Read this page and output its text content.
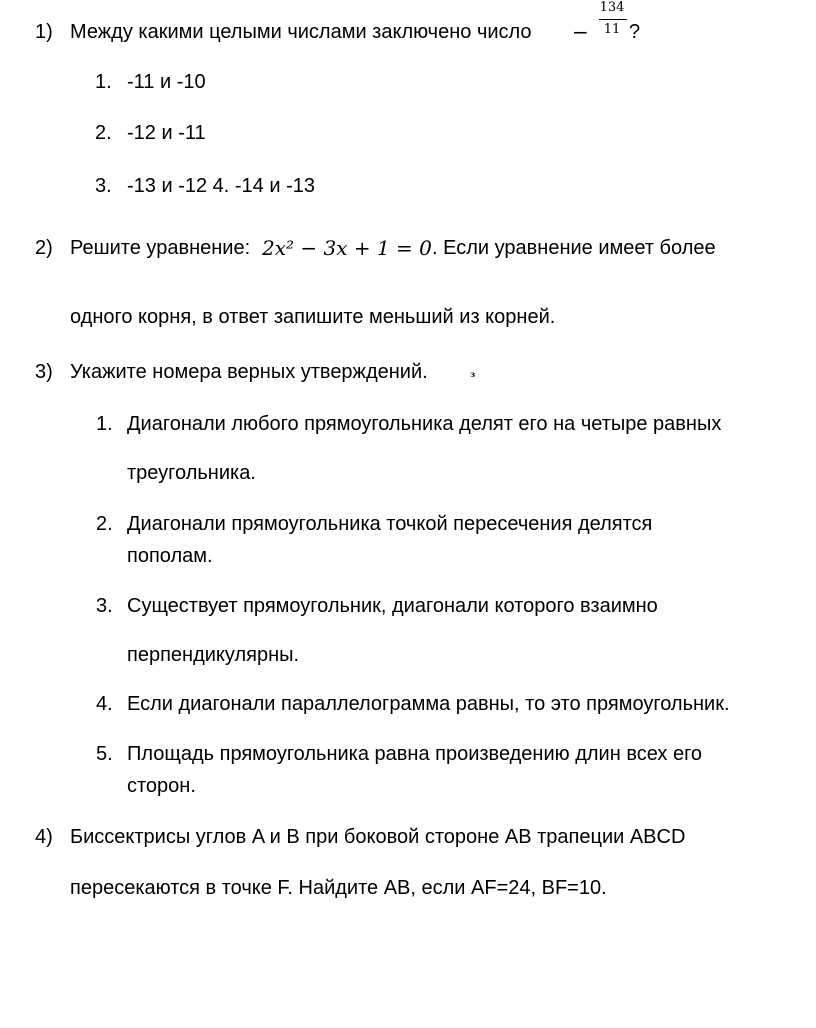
1) Между какими целыми числами заключено число −
134
11 ?
1. -11 и -10
2. -12 и -11
3. -13 и -12 4. -14 и -13
2) Решите уравнение: 2x² − 3x + 1 = 0 . Если уравнение имеет более
одного корня, в ответ запишите меньший из корней.
3) Укажите номера верных утверждений.	з
1. Диагонали любого прямоугольника делят его на четыре равных
треугольника.
2. Диагонали прямоугольника точкой пересечения делятся
пополам.
3. Существует прямоугольник, диагонали которого взаимно
перпендикулярны.
4. Если диагонали параллелограмма равны, то это прямоугольник.
5. Площадь прямоугольника равна произведению длин всех его
сторон.
4) Биссектрисы углов A и B при боковой стороне AB трапеции ABCD
пересекаются в точке F. Найдите AB, если AF=24, BF=10.
